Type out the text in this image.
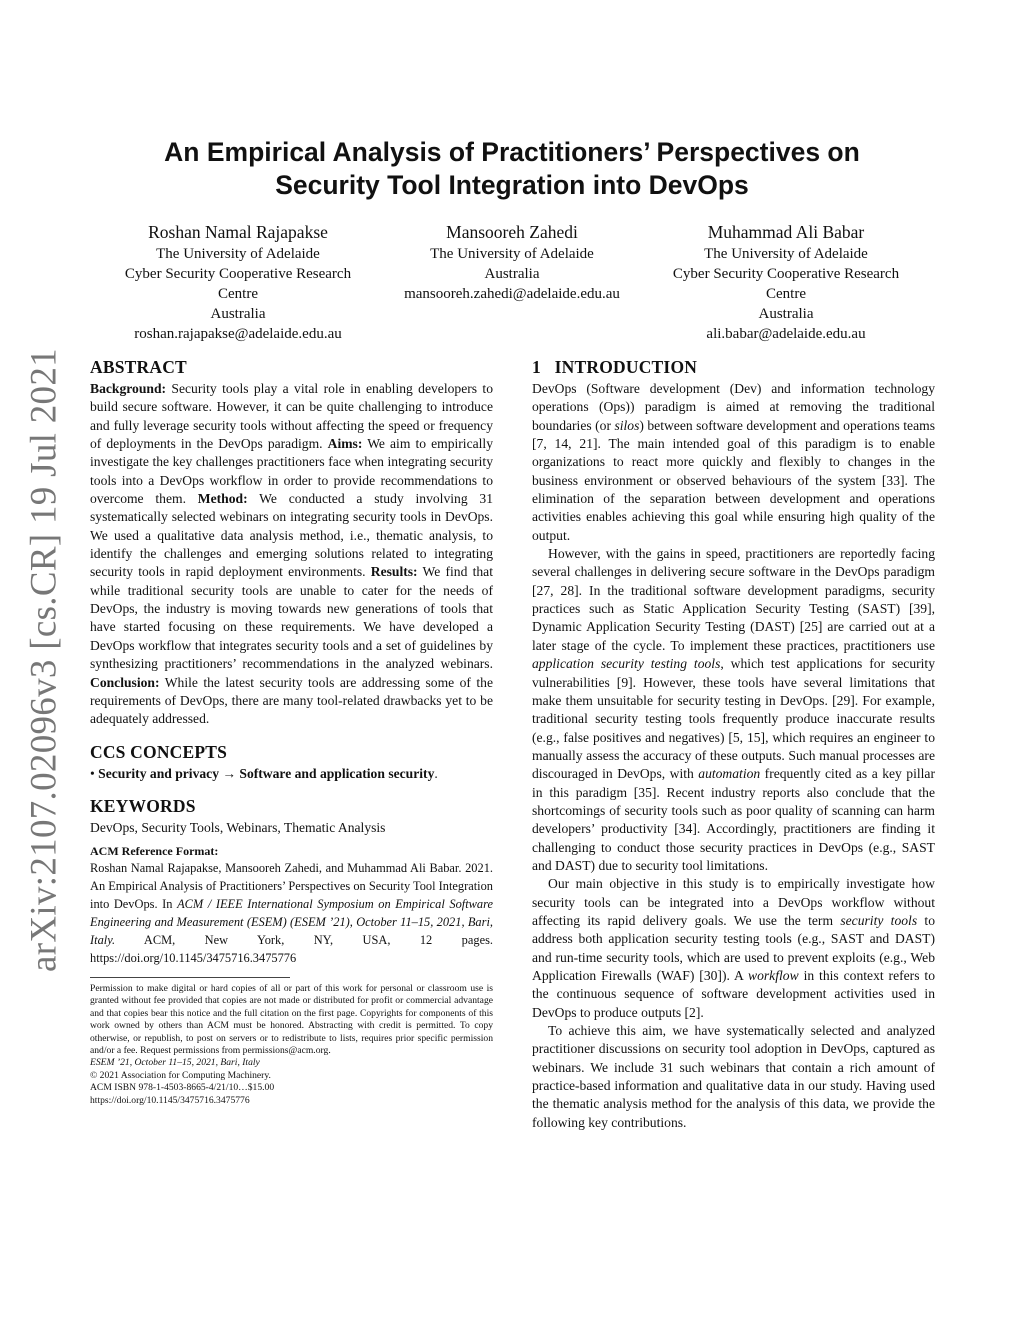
arXiv:2107.02096v3 [cs.CR] 19 Jul 2021
An Empirical Analysis of Practitioners’ Perspectives on
Security Tool Integration into DevOps
Roshan Namal Rajapakse
The University of Adelaide
Cyber Security Cooperative Research
Centre
Australia
roshan.rajapakse@adelaide.edu.au
Mansooreh Zahedi
The University of Adelaide
Australia
mansooreh.zahedi@adelaide.edu.au
Muhammad Ali Babar
The University of Adelaide
Cyber Security Cooperative Research
Centre
Australia
ali.babar@adelaide.edu.au
ABSTRACT

Background: Security tools play a vital role in enabling developers to build secure software. However, it can be quite challenging to introduce and fully leverage security tools without affecting the speed or frequency of deployments in the DevOps paradigm. Aims: We aim to empirically investigate the key challenges practitioners face when integrating security tools into a DevOps workflow in order to provide recommendations to overcome them. Method: We conducted a study involving 31 systematically selected webinars on integrating security tools in DevOps. We used a qualitative data analysis method, i.e., thematic analysis, to identify the challenges and emerging solutions related to integrating security tools in rapid deployment environments. Results: We find that while traditional security tools are unable to cater for the needs of DevOps, the industry is moving towards new generations of tools that have started focusing on these requirements. We have developed a DevOps workflow that integrates security tools and a set of guidelines by synthesizing practitioners’ recommendations in the analyzed webinars. Conclusion: While the latest security tools are addressing some of the requirements of DevOps, there are many tool-related drawbacks yet to be adequately addressed.

CCS CONCEPTS

• Security and privacy → Software and application security.

KEYWORDS

DevOps, Security Tools, Webinars, Thematic Analysis

ACM Reference Format:

Roshan Namal Rajapakse, Mansooreh Zahedi, and Muhammad Ali Babar. 2021. An Empirical Analysis of Practitioners’ Perspectives on Security Tool Integration into DevOps. In ACM / IEEE International Symposium on Empirical Software Engineering and Measurement (ESEM) (ESEM ’21), October 11–15, 2021, Bari, Italy. ACM, New York, NY, USA, 12 pages. https://doi.org/10.1145/3475716.3475776

Permission to make digital or hard copies of all or part of this work for personal or classroom use is granted without fee provided that copies are not made or distributed for profit or commercial advantage and that copies bear this notice and the full citation on the first page. Copyrights for components of this work owned by others than ACM must be honored. Abstracting with credit is permitted. To copy otherwise, or republish, to post on servers or to redistribute to lists, requires prior specific permission and/or a fee. Request permissions from permissions@acm.org.

ESEM ’21, October 11–15, 2021, Bari, Italy
© 2021 Association for Computing Machinery.
ACM ISBN 978-1-4503-8665-4/21/10…$15.00
https://doi.org/10.1145/3475716.3475776
1   INTRODUCTION

DevOps (Software development (Dev) and information technology operations (Ops)) paradigm is aimed at removing the traditional boundaries (or silos) between software development and operations teams [7, 14, 21]. The main intended goal of this paradigm is to enable organizations to react more quickly and flexibly to changes in the business environment or observed behaviours of the system [33]. The elimination of the separation between development and operations activities enables achieving this goal while ensuring high quality of the output.

However, with the gains in speed, practitioners are reportedly facing several challenges in delivering secure software in the DevOps paradigm [27, 28]. In the traditional software development paradigms, security practices such as Static Application Security Testing (SAST) [39], Dynamic Application Security Testing (DAST) [25] are carried out at a later stage of the cycle. To implement these practices, practitioners use application security testing tools, which test applications for security vulnerabilities [9]. However, these tools have several limitations that make them unsuitable for security testing in DevOps. [29]. For example, traditional security testing tools frequently produce inaccurate results (e.g., false positives and negatives) [5, 15], which requires an engineer to manually assess the accuracy of these outputs. Such manual processes are discouraged in DevOps, with automation frequently cited as a key pillar in this paradigm [35]. Recent industry reports also conclude that the shortcomings of security tools such as poor quality of scanning can harm developers’ productivity [34]. Accordingly, practitioners are finding it challenging to conduct those security practices in DevOps (e.g., SAST and DAST) due to security tool limitations.

Our main objective in this study is to empirically investigate how security tools can be integrated into a DevOps workflow without affecting its rapid delivery goals. We use the term security tools to address both application security testing tools (e.g., SAST and DAST) and run-time security tools, which are used to prevent exploits (e.g., Web Application Firewalls (WAF) [30]). A workflow in this context refers to the continuous sequence of software development activities used in DevOps to produce outputs [2].

To achieve this aim, we have systematically selected and analyzed practitioner discussions on security tool adoption in DevOps, captured as webinars. We include 31 such webinars that contain a rich amount of practice-based information and qualitative data in our study. Having used the thematic analysis method for the analysis of this data, we provide the following key contributions.
